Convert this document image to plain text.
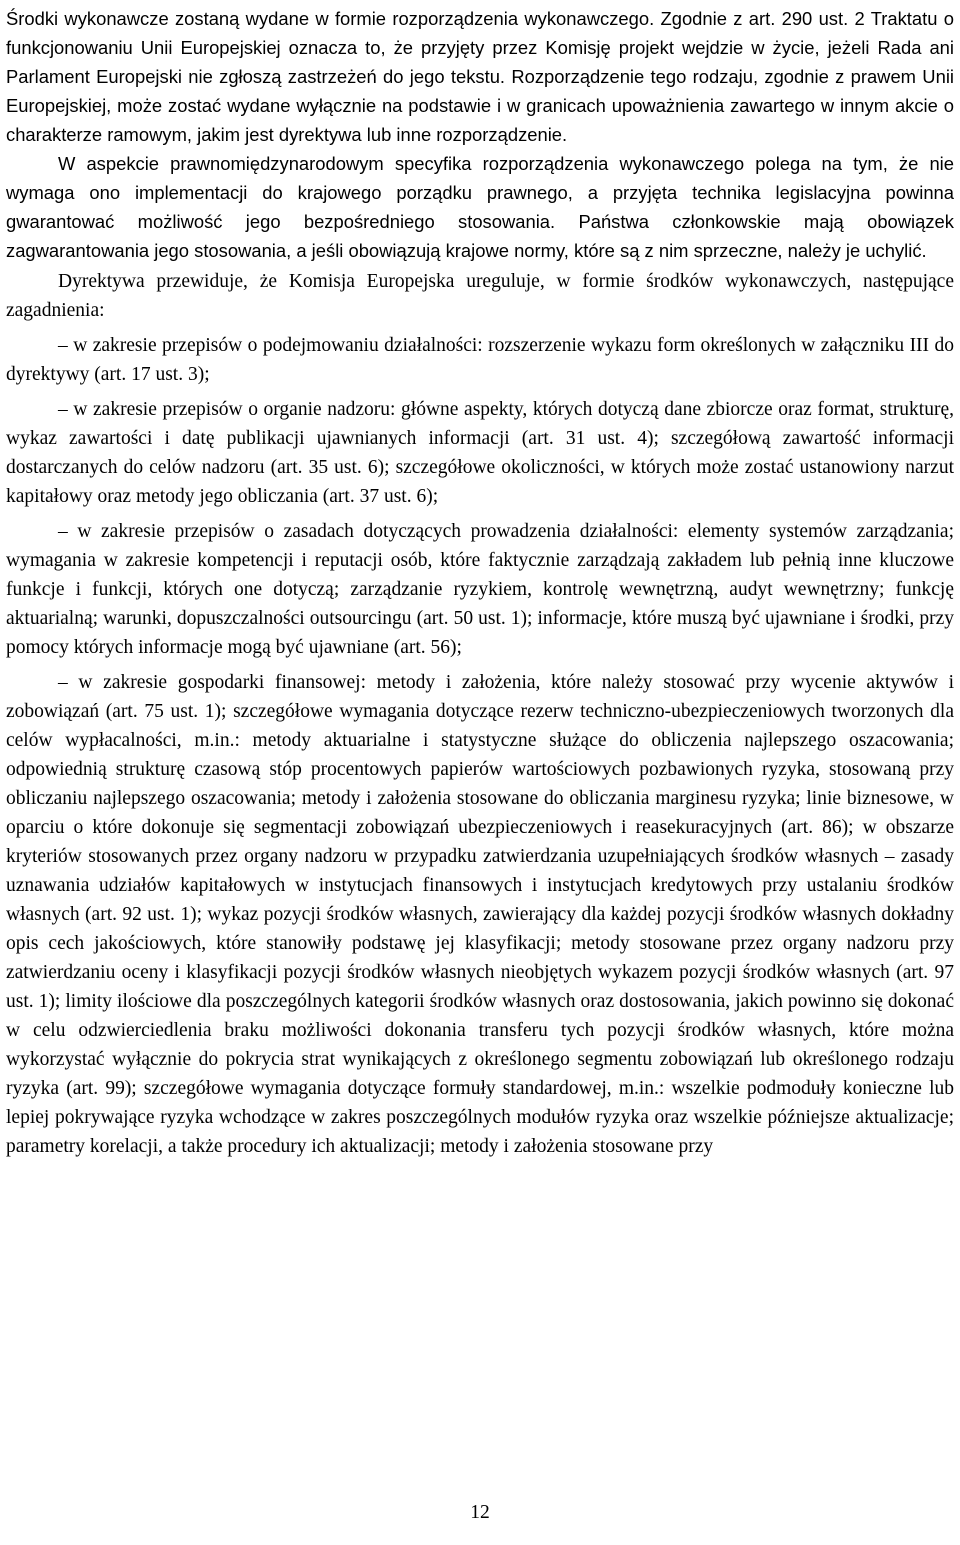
Środki wykonawcze zostaną wydane w formie rozporządzenia wykonawczego. Zgodnie z art. 290 ust. 2 Traktatu o funkcjonowaniu Unii Europejskiej oznacza to, że przyjęty przez Komisję projekt wejdzie w życie, jeżeli Rada ani Parlament Europejski nie zgłoszą zastrzeżeń do jego tekstu. Rozporządzenie tego rodzaju, zgodnie z prawem Unii Europejskiej, może zostać wydane wyłącznie na podstawie i w granicach upoważnienia zawartego w innym akcie o charakterze ramowym, jakim jest dyrektywa lub inne rozporządzenie.

W aspekcie prawnomiędzynarodowym specyfika rozporządzenia wykonawczego polega na tym, że nie wymaga ono implementacji do krajowego porządku prawnego, a przyjęta technika legislacyjna powinna gwarantować możliwość jego bezpośredniego stosowania. Państwa członkowskie mają obowiązek zagwarantowania jego stosowania, a jeśli obowiązują krajowe normy, które są z nim sprzeczne, należy je uchylić.

Dyrektywa przewiduje, że Komisja Europejska ureguluje, w formie środków wykonawczych, następujące zagadnienia:

– w zakresie przepisów o podejmowaniu działalności: rozszerzenie wykazu form określonych w załączniku III do dyrektywy (art. 17 ust. 3);

– w zakresie przepisów o organie nadzoru: główne aspekty, których dotyczą dane zbiorcze oraz format, strukturę, wykaz zawartości i datę publikacji ujawnianych informacji (art. 31 ust. 4); szczegółową zawartość informacji dostarczanych do celów nadzoru (art. 35 ust. 6); szczegółowe okoliczności, w których może zostać ustanowiony narzut kapitałowy oraz metody jego obliczania (art. 37 ust. 6);

– w zakresie przepisów o zasadach dotyczących prowadzenia działalności: elementy systemów zarządzania; wymagania w zakresie kompetencji i reputacji osób, które faktycznie zarządzają zakładem lub pełnią inne kluczowe funkcje i funkcji, których one dotyczą; zarządzanie ryzykiem, kontrolę wewnętrzną, audyt wewnętrzny; funkcję aktuarialną; warunki, dopuszczalności outsourcingu (art. 50 ust. 1); informacje, które muszą być ujawniane i środki, przy pomocy których informacje mogą być ujawniane (art. 56);

– w zakresie gospodarki finansowej: metody i założenia, które należy stosować przy wycenie aktywów i zobowiązań (art. 75 ust. 1); szczegółowe wymagania dotyczące rezerw techniczno-ubezpieczeniowych tworzonych dla celów wypłacalności, m.in.: metody aktuarialne i statystyczne służące do obliczenia najlepszego oszacowania; odpowiednią strukturę czasową stóp procentowych papierów wartościowych pozbawionych ryzyka, stosowaną przy obliczaniu najlepszego oszacowania; metody i założenia stosowane do obliczania marginesu ryzyka; linie biznesowe, w oparciu o które dokonuje się segmentacji zobowiązań ubezpieczeniowych i reasekuracyjnych (art. 86); w obszarze kryteriów stosowanych przez organy nadzoru w przypadku zatwierdzania uzupełniających środków własnych – zasady uznawania udziałów kapitałowych w instytucjach finansowych i instytucjach kredytowych przy ustalaniu środków własnych (art. 92 ust. 1); wykaz pozycji środków własnych, zawierający dla każdej pozycji środków własnych dokładny opis cech jakościowych, które stanowiły podstawę jej klasyfikacji; metody stosowane przez organy nadzoru przy zatwierdzaniu oceny i klasyfikacji pozycji środków własnych nieobjętych wykazem pozycji środków własnych (art. 97 ust. 1); limity ilościowe dla poszczególnych kategorii środków własnych oraz dostosowania, jakich powinno się dokonać w celu odzwierciedlenia braku możliwości dokonania transferu tych pozycji środków własnych, które można wykorzystać wyłącznie do pokrycia strat wynikających z określonego segmentu zobowiązań lub określonego rodzaju ryzyka (art. 99); szczegółowe wymagania dotyczące formuły standardowej, m.in.: wszelkie podmoduły konieczne lub lepiej pokrywające ryzyka wchodzące w zakres poszczególnych modułów ryzyka oraz wszelkie późniejsze aktualizacje; parametry korelacji, a także procedury ich aktualizacji; metody i założenia stosowane przy

12
